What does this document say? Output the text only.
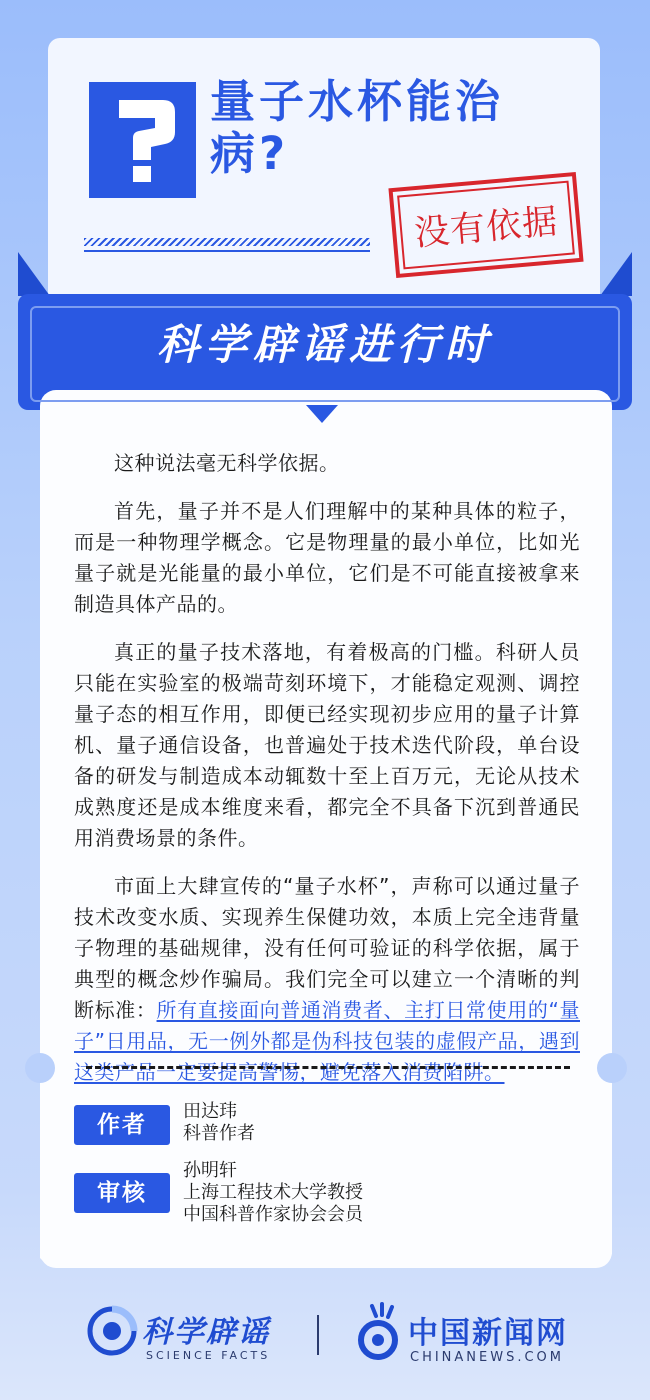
量子水杯能治
病?
没有依据
科学辟谣进行时

这种说法毫无科学依据。

首先，量子并不是人们理解中的某种具体的粒子，而是一种物理学概念。它是物理量的最小单位，比如光量子就是光能量的最小单位，它们是不可能直接被拿来制造具体产品的。

真正的量子技术落地，有着极高的门槛。科研人员只能在实验室的极端苛刻环境下，才能稳定观测、调控量子态的相互作用，即便已经实现初步应用的量子计算机、量子通信设备，也普遍处于技术迭代阶段，单台设备的研发与制造成本动辄数十至上百万元，无论从技术成熟度还是成本维度来看，都完全不具备下沉到普通民用消费场景的条件。

市面上大肆宣传的“量子水杯”，声称可以通过量子技术改变水质、实现养生保健功效，本质上完全违背量子物理的基础规律，没有任何可验证的科学依据，属于典型的概念炒作骗局。我们完全可以建立一个清晰的判断标准：所有直接面向普通消费者、主打日常使用的“量子”日用品，无一例外都是伪科技包装的虚假产品，遇到这类产品一定要提高警惕，避免落入消费陷阱。

作者
田达玮
科普作者
审核
孙明轩
上海工程技术大学教授
中国科普作家协会会员
科学辟谣
SCIENCE FACTS
中国新闻网
CHINANEWS.COM
